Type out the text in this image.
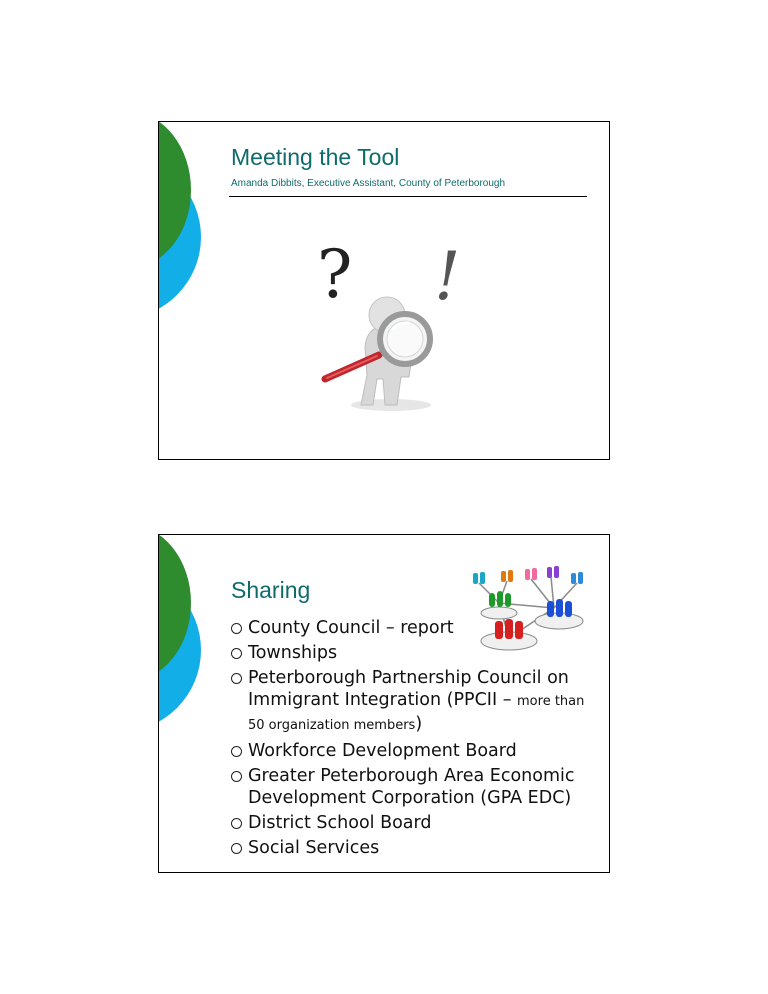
Meeting the Tool
Amanda Dibbits, Executive Assistant, County of Peterborough
? !
Sharing
County Council – report
Townships
Peterborough Partnership Council on Immigrant Integration (PPCII – more than 50 organization members)
Workforce Development Board
Greater Peterborough Area Economic Development Corporation (GPA EDC)
District School Board
Social Services
